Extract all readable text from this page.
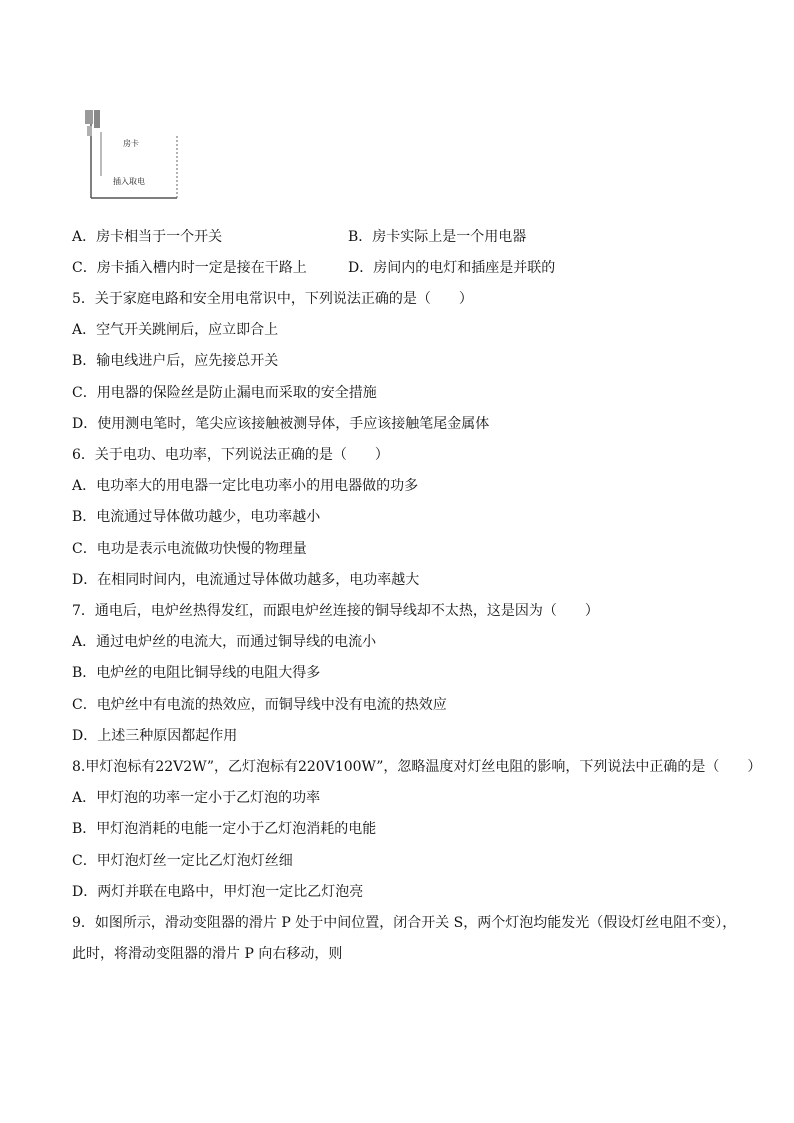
房卡
插入取电
A．房卡相当于一个开关	B．房卡实际上是一个用电器
C．房卡插入槽内时一定是接在干路上	D．房间内的电灯和插座是并联的
5．关于家庭电路和安全用电常识中，下列说法正确的是（　　）
A．空气开关跳闸后，应立即合上
B．输电线进户后，应先接总开关
C．用电器的保险丝是防止漏电而采取的安全措施
D．使用测电笔时，笔尖应该接触被测导体，手应该接触笔尾金属体
6．关于电功、电功率，下列说法正确的是（　　）
A．电功率大的用电器一定比电功率小的用电器做的功多
B．电流通过导体做功越少，电功率越小
C．电功是表示电流做功快慢的物理量
D．在相同时间内，电流通过导体做功越多，电功率越大
7．通电后，电炉丝热得发红，而跟电炉丝连接的铜导线却不太热，这是因为（　　）
A．通过电炉丝的电流大，而通过铜导线的电流小
B．电炉丝的电阻比铜导线的电阻大得多
C．电炉丝中有电流的热效应，而铜导线中没有电流的热效应
D．上述三种原因都起作用
8.甲灯泡标有22V2W”，乙灯泡标有220V100W”，忽略温度对灯丝电阻的影响，下列说法中正确的是（　　）
A．甲灯泡的功率一定小于乙灯泡的功率
B．甲灯泡消耗的电能一定小于乙灯泡消耗的电能
C．甲灯泡灯丝一定比乙灯泡灯丝细
D．两灯并联在电路中，甲灯泡一定比乙灯泡亮
9．如图所示，滑动变阻器的滑片 P 处于中间位置，闭合开关 S，两个灯泡均能发光（假设灯丝电阻不变），
此时，将滑动变阻器的滑片 P 向右移动，则
